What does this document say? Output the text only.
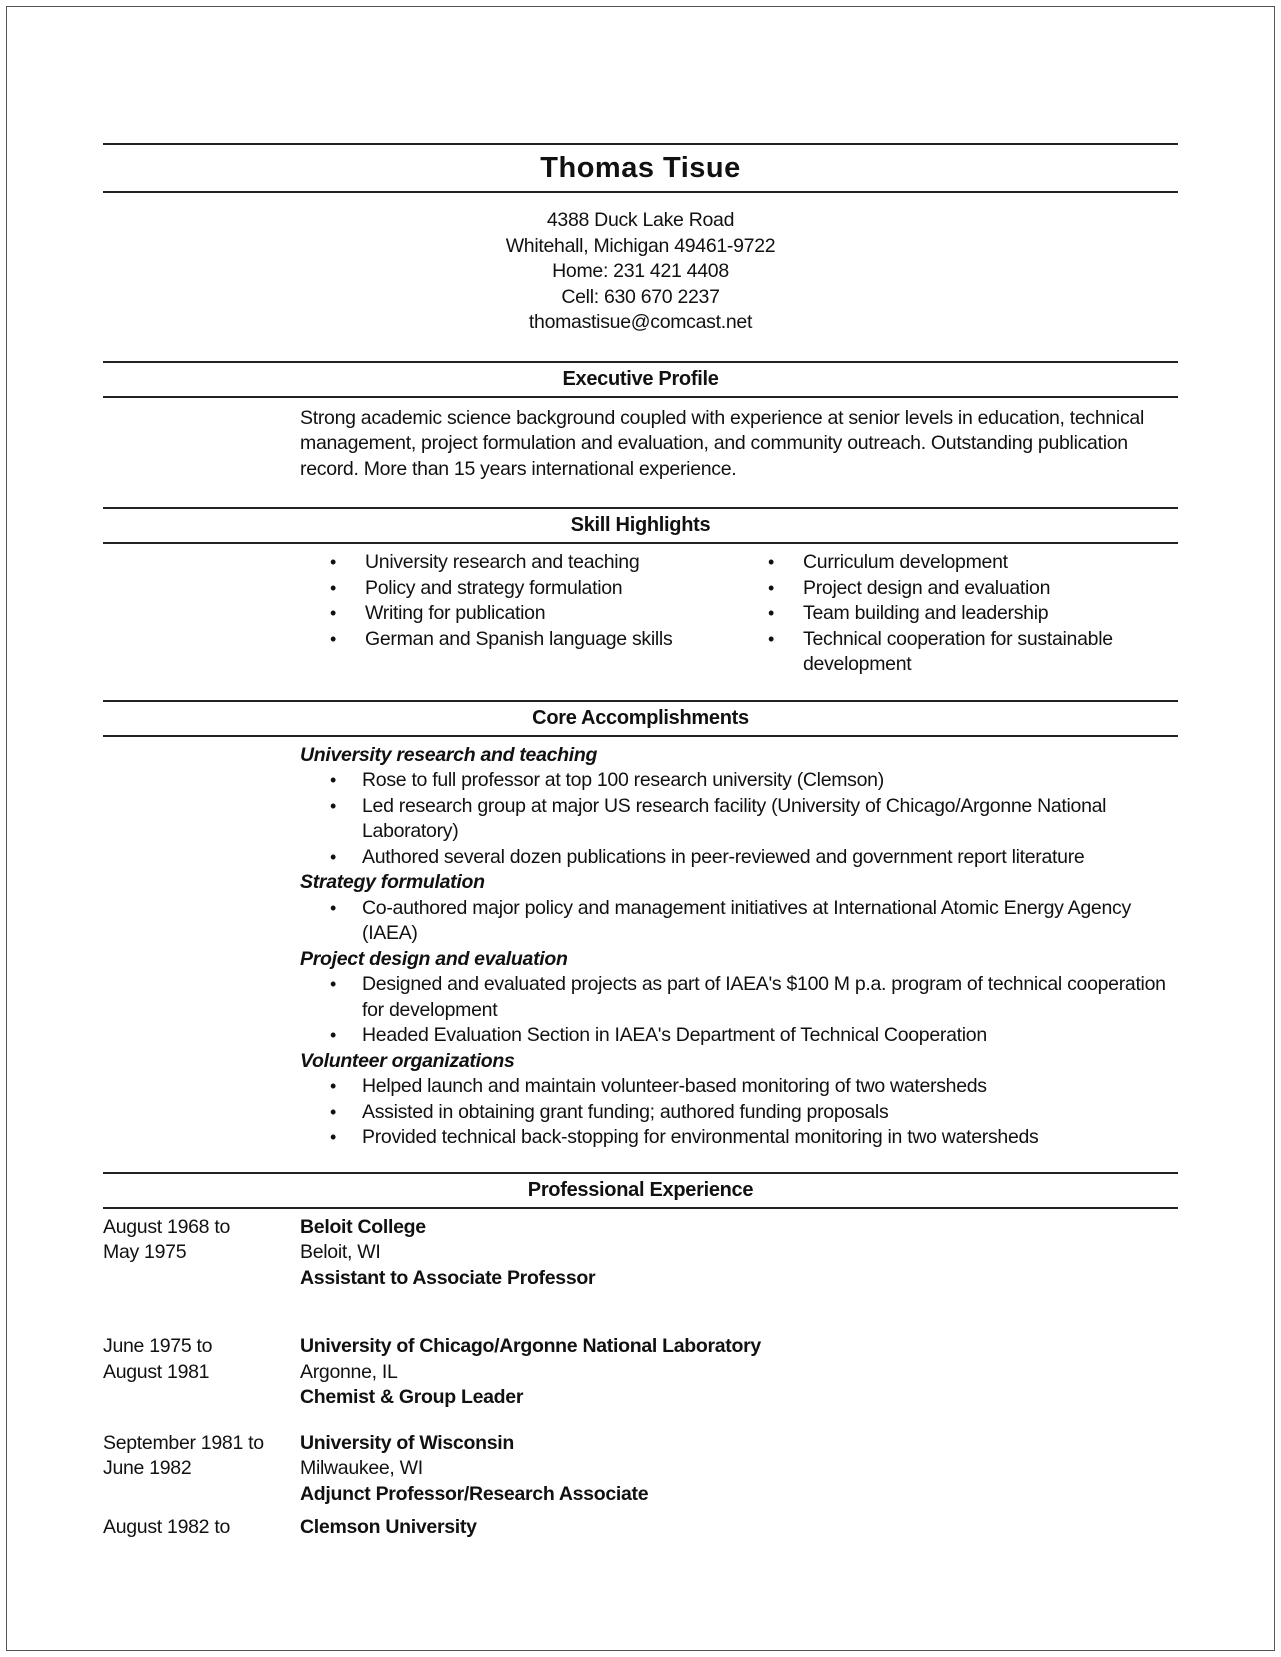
Thomas Tisue
4388 Duck Lake Road
Whitehall, Michigan 49461-9722
Home: 231 421 4408
Cell: 630 670 2237
thomastisue@comcast.net
Executive Profile
Strong academic science background coupled with experience at senior levels in education, technical management, project formulation and evaluation, and community outreach. Outstanding publication record. More than 15 years international experience.
Skill Highlights
• University research and teaching
• Policy and strategy formulation
• Writing for publication
• German and Spanish language skills
• Curriculum development
• Project design and evaluation
• Team building and leadership
• Technical cooperation for sustainable development
Core Accomplishments
University research and teaching
• Rose to full professor at top 100 research university (Clemson)
• Led research group at major US research facility (University of Chicago/Argonne National Laboratory)
• Authored several dozen publications in peer-reviewed and government report literature
Strategy formulation
• Co-authored major policy and management initiatives at International Atomic Energy Agency (IAEA)
Project design and evaluation
• Designed and evaluated projects as part of IAEA's $100 M p.a. program of technical cooperation for development
• Headed Evaluation Section in IAEA's Department of Technical Cooperation
Volunteer organizations
• Helped launch and maintain volunteer-based monitoring of two watersheds
• Assisted in obtaining grant funding; authored funding proposals
• Provided technical back-stopping for environmental monitoring in two watersheds
Professional Experience
August 1968 to
May 1975
Beloit College
Beloit, WI
Assistant to Associate Professor
June 1975 to
August 1981
University of Chicago/Argonne National Laboratory
Argonne, IL
Chemist & Group Leader
September 1981 to
June 1982
University of Wisconsin
Milwaukee, WI
Adjunct Professor/Research Associate
August 1982 to	Clemson University
